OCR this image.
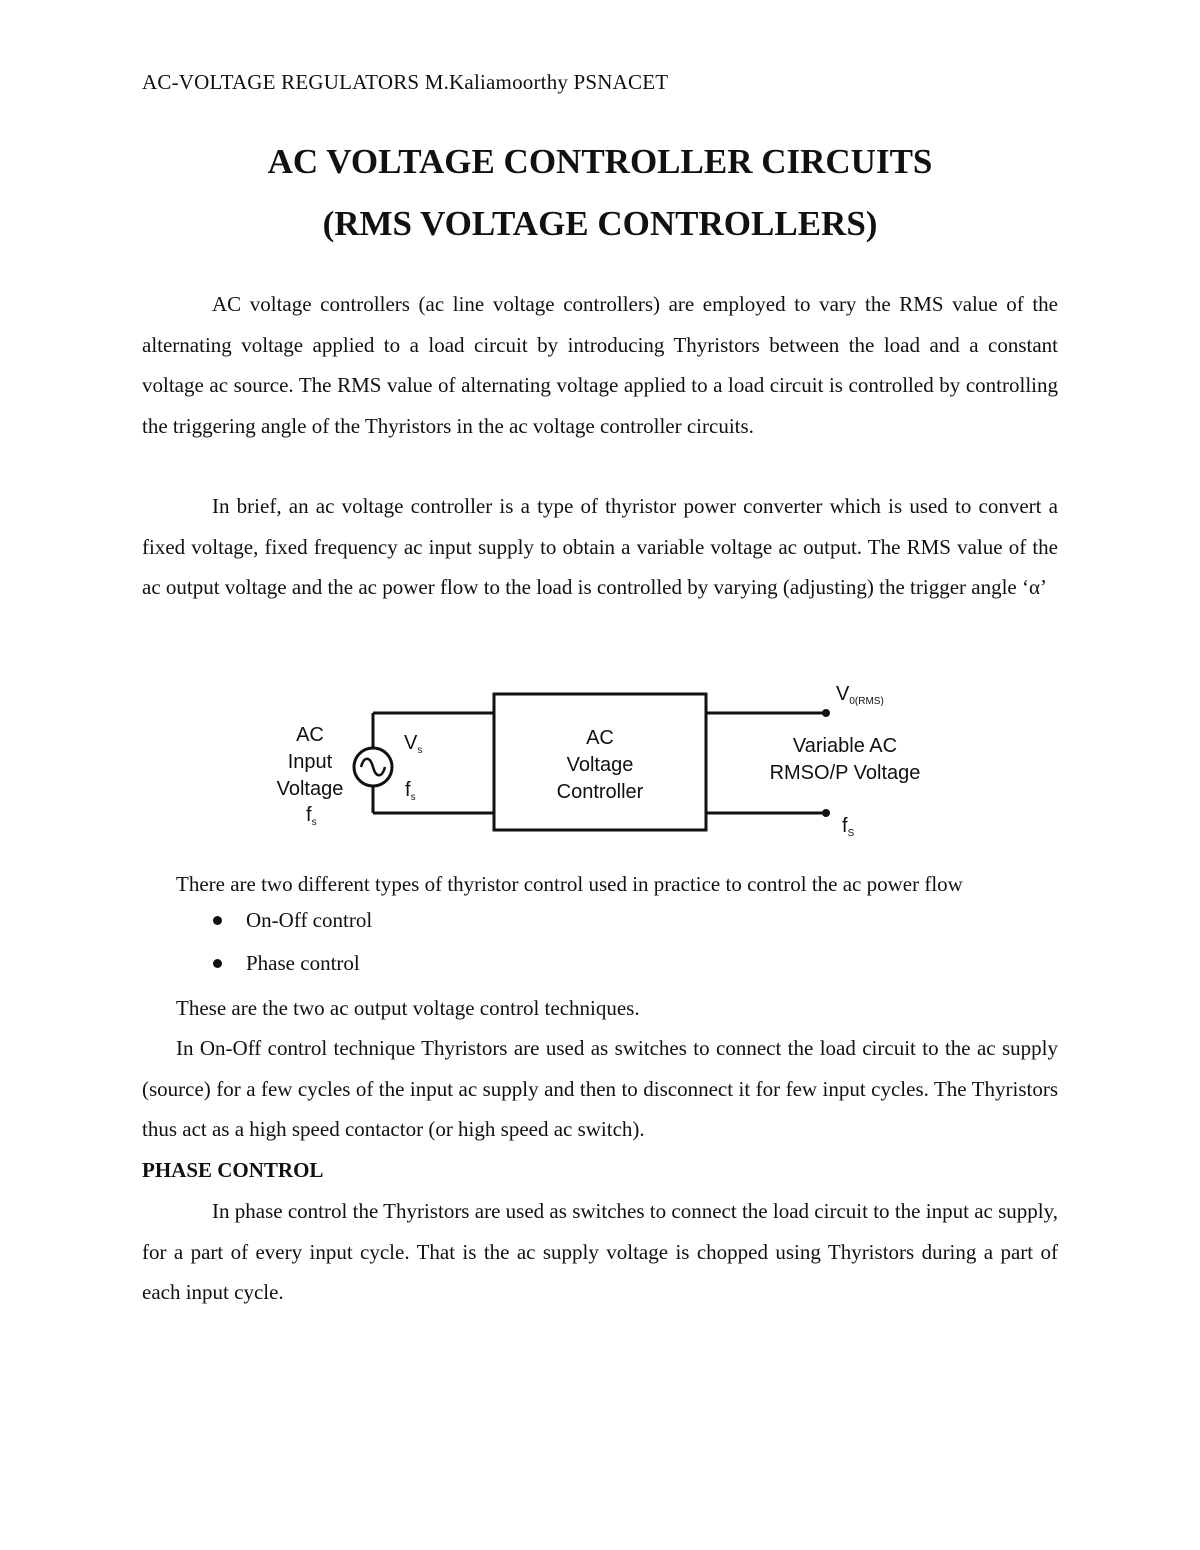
AC-VOLTAGE REGULATORS M.Kaliamoorthy PSNACET
AC VOLTAGE CONTROLLER CIRCUITS
(RMS VOLTAGE CONTROLLERS)
AC voltage controllers (ac line voltage controllers) are employed to vary the RMS value of the alternating voltage applied to a load circuit by introducing Thyristors between the load and a constant voltage ac source. The RMS value of alternating voltage applied to a load circuit is controlled by controlling the triggering angle of the Thyristors in the ac voltage controller circuits.
In brief, an ac voltage controller is a type of thyristor power converter which is used to convert a fixed voltage, fixed frequency ac input supply to obtain a variable voltage ac output. The RMS value of the ac output voltage and the ac power flow to the load is controlled by varying (adjusting) the trigger angle ‘α’
AC
Input
Voltage
$f_s$
$V_s$
$f_s$
AC
Voltage
Controller
$V_{0(RMS)}$
Variable AC
RMSO/P Voltage
$f_S$
There are two different types of thyristor control used in practice to control the ac power flow
On-Off control
Phase control
These are the two ac output voltage control techniques.
In On-Off control technique Thyristors are used as switches to connect the load circuit to the ac supply (source) for a few cycles of the input ac supply and then to disconnect it for few input cycles. The Thyristors thus act as a high speed contactor (or high speed ac switch).
PHASE CONTROL
In phase control the Thyristors are used as switches to connect the load circuit to the input ac supply, for a part of every input cycle. That is the ac supply voltage is chopped using Thyristors during a part of each input cycle.
